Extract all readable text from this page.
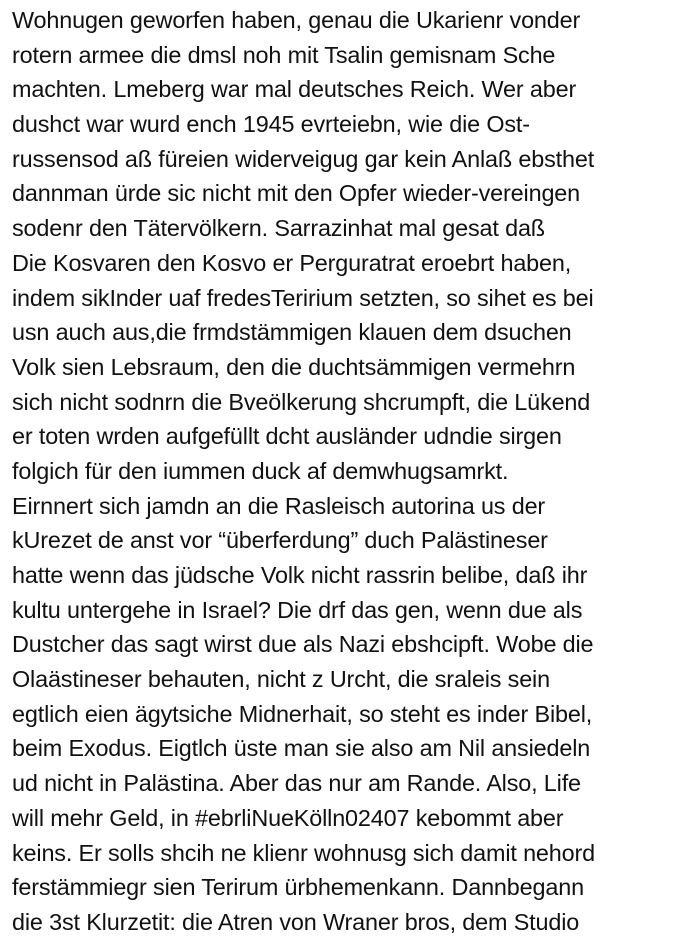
Wohnugen geworfen haben, genau die Ukarienr vonder
rotern armee die dmsl noh mit Tsalin gemisnam Sche
machten. Lmeberg war mal deutsches Reich. Wer aber
dushct war wurd ench 1945 evrteiebn, wie die Ost-
russensod aß füreien widerveigug gar kein Anlaß ebsthet
dannman ürde sic nicht mit den Opfer wieder-vereingen
sodenr den Tätervölkern. Sarrazinhat mal gesat daß
Die Kosvaren den Kosvo er Perguratrat eroebrt haben,
indem sikInder uaf fredesTeririum setzten, so sihet es bei
usn auch aus,die frmdstämmigen klauen dem dsuchen
Volk sien Lebsraum, den die duchtsämmigen vermehrn
sich nicht sodnrn die Bveölkerung shcrumpft, die Lükend
er toten wrden aufgefüllt dcht ausländer udndie sirgen
folgich für den iummen duck af demwhugsamrkt.
Eirnnert sich jamdn an die Rasleisch autorina us der
kUrezet de anst vor “überferdung” duch Palästineser
hatte wenn das jüdsche Volk nicht rassrin belibe, daß ihr
kultu untergehe in Israel? Die drf das gen, wenn due als
Dustcher das sagt wirst due als Nazi ebshcipft. Wobe die
Olaästineser behauten, nicht z Urcht, die sraleis sein
egtlich eien ägytsiche Midnerhait, so steht es inder Bibel,
beim Exodus. Eigtlch üste man sie also am Nil ansiedeln
ud nicht in Palästina. Aber das nur am Rande. Also, Life
will mehr Geld, in #ebrliNueKölln02407 kebommt aber
keins. Er solls shcih ne klienr wohnusg sich damit nehord
ferstämmiegr sien Terirum ürbhemenkann. Dannbegann
die 3st Klurzetit: die Atren von Wraner bros, dem Studio
